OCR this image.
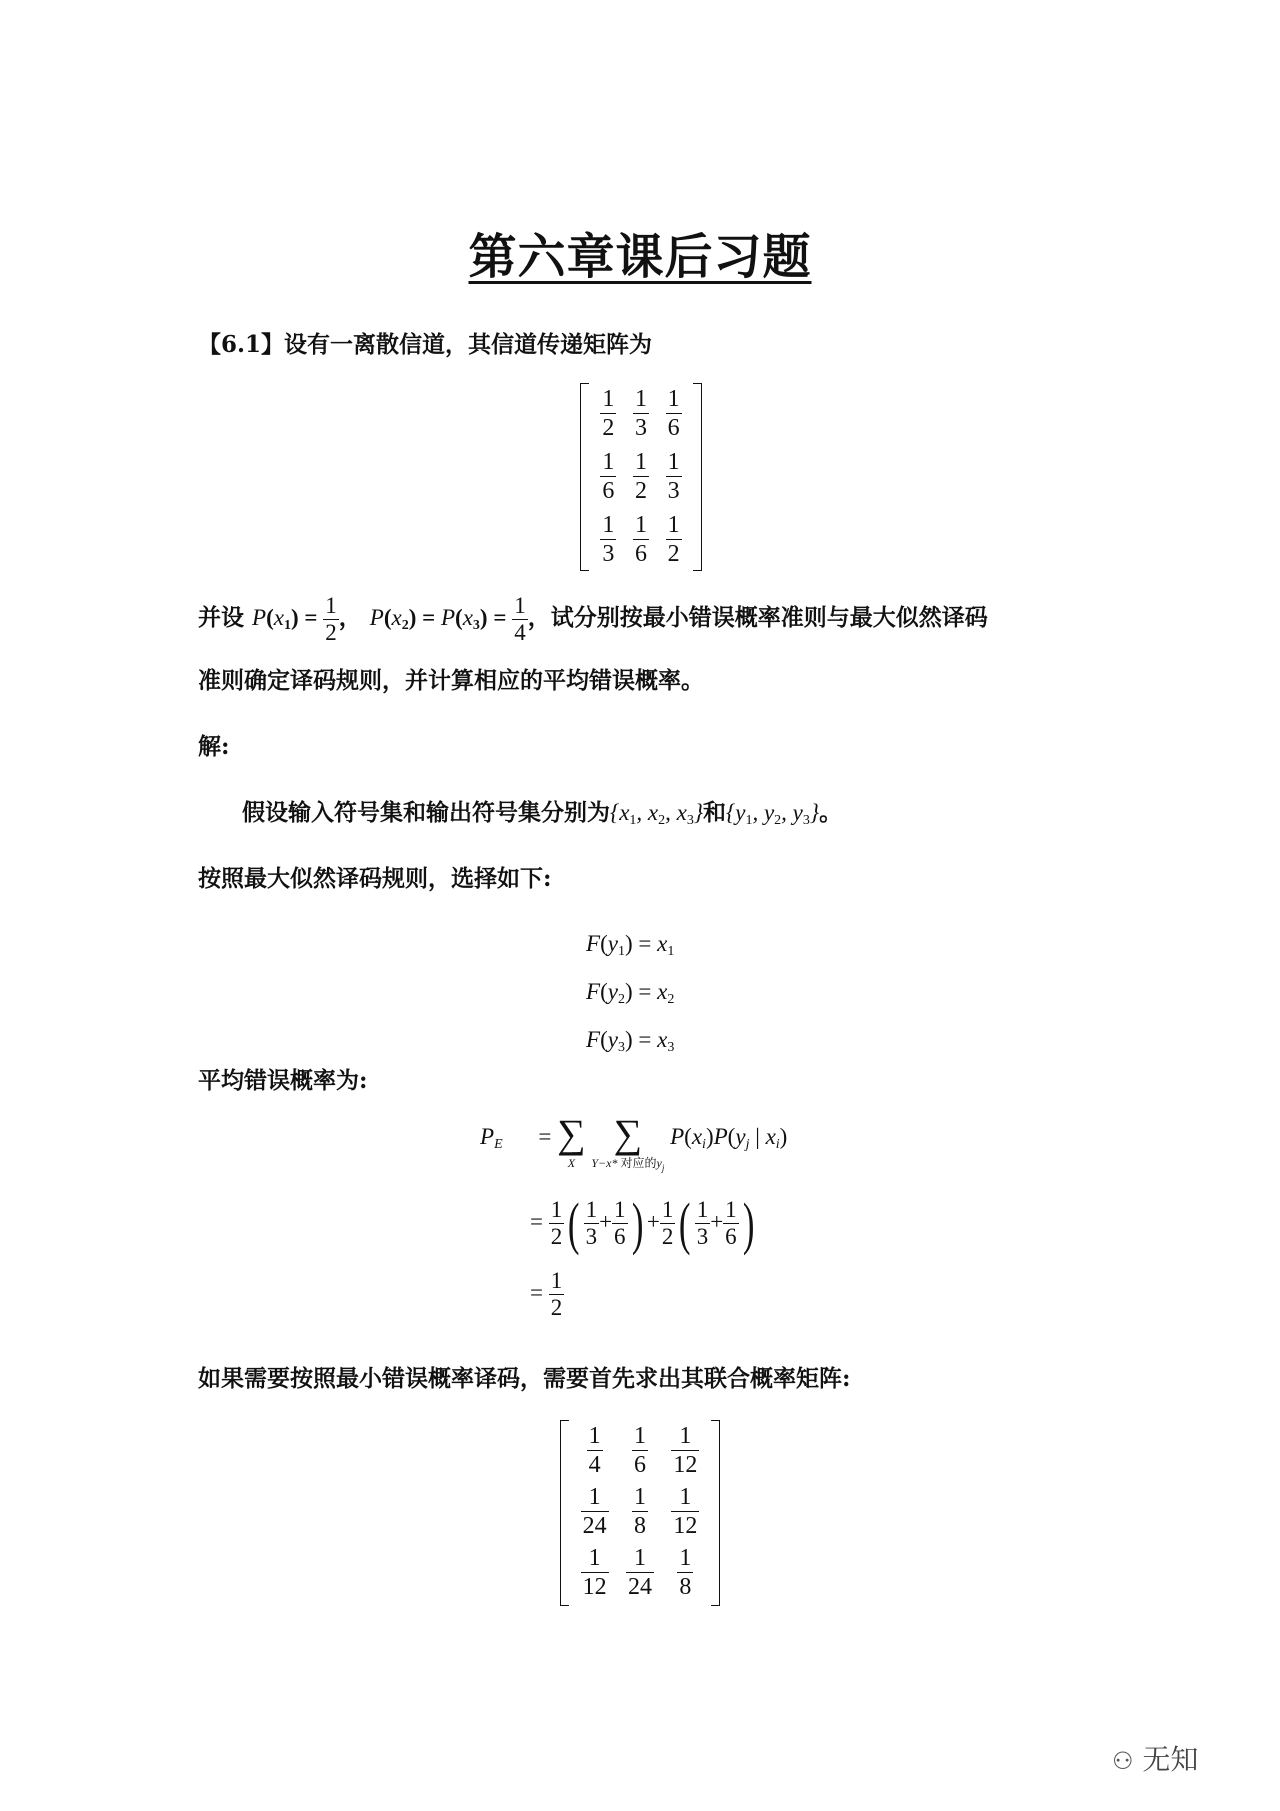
第六章课后习题
【6.1】设有一离散信道，其信道传递矩阵为
$\frac{1}{2} \frac{1}{3} \frac{1}{6}$
$\frac{1}{6} \frac{1}{2} \frac{1}{3}$
$\frac{1}{3} \frac{1}{6} \frac{1}{2}$
并设 $P(x_1) = \frac{1}{2}$ ， $P(x_2) = P(x_3) = \frac{1}{4}$ ，试分别按最小错误概率准则与最大似然译码
准则确定译码规则，并计算相应的平均错误概率。
解:
假设输入符号集和输出符号集分别为{$x_1$, $x_2$, $x_3$}和{$y_1$, $y_2$, $y_3$}。
按照最大似然译码规则，选择如下:
$F(y_1) = x_1$
$F(y_2) = x_2$
$F(y_3) = x_3$
平均错误概率为:
$P_E$ = ∑
$^X$ ∑
$^{Y-x* 对应的y_j}$ $P(x_i)P(y_j$ | $x_i$)
= $\frac{1}{2}$ ( $\frac{1}{3} + \frac{1}{6}$ ) + $\frac{1}{2}$ ( $\frac{1}{3} + \frac{1}{6}$ )
= $\frac{1}{2}$
如果需要按照最小错误概率译码，需要首先求出其联合概率矩阵:
$\frac{1}{4} \frac{1}{6} \frac{1}{12}$
$\frac{1}{24} \frac{1}{8} \frac{1}{12}$
$\frac{1}{12} \frac{1}{24} \frac{1}{8}$
⚇ 无知
